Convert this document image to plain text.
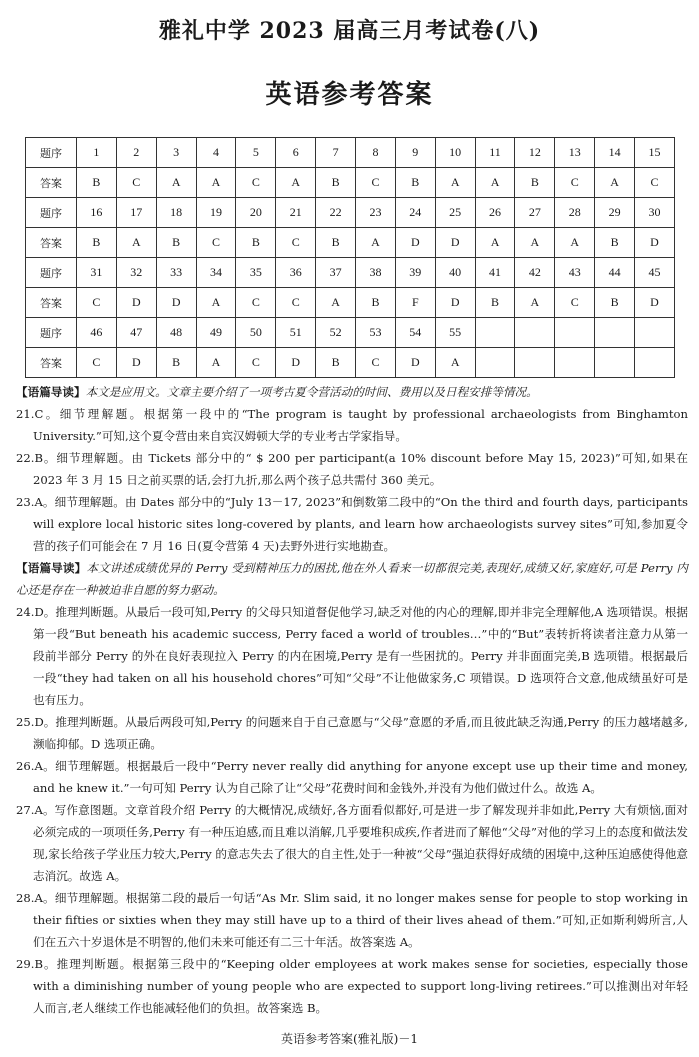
雅礼中学 2023 届高三月考试卷(八)
英语参考答案
题序	1	2	3	4	5	6	7	8	9	10	11	12	13	14	15
答案	B	C	A	A	C	A	B	C	B	A	A	B	C	A	C
题序	16	17	18	19	20	21	22	23	24	25	26	27	28	29	30
答案	B	A	B	C	B	C	B	A	D	D	A	A	A	B	D
题序	31	32	33	34	35	36	37	38	39	40	41	42	43	44	45
答案	C	D	D	A	C	C	A	B	F	D	B	A	C	B	D
题序	46	47	48	49	50	51	52	53	54	55					
答案	C	D	B	A	C	D	B	C	D	A					

【语篇导读】本文是应用文。文章主要介绍了一项考古夏令营活动的时间、费用以及日程安排等情况。

21.C。细节理解题。根据第一段中的“The program is taught by professional archaeologists from Binghamton University.”可知,这个夏令营由来自宾汉姆顿大学的专业考古学家指导。

22.B。细节理解题。由 Tickets 部分中的“ $ 200 per participant(a 10% discount before May 15, 2023)”可知,如果在 2023 年 3 月 15 日之前买票的话,会打九折,那么两个孩子总共需付 360 美元。

23.A。细节理解题。由 Dates 部分中的“July 13－17, 2023”和倒数第二段中的“On the third and fourth days, participants will explore local historic sites long-covered by plants, and learn how archaeologists survey sites”可知,参加夏令营的孩子们可能会在 7 月 16 日(夏令营第 4 天)去野外进行实地勘查。

【语篇导读】本文讲述成绩优异的 Perry 受到精神压力的困扰,他在外人看来一切都很完美,表现好,成绩又好,家庭好,可是 Perry 内心还是存在一种被迫非自愿的努力驱动。

24.D。推理判断题。从最后一段可知,Perry 的父母只知道督促他学习,缺乏对他的内心的理解,即并非完全理解他,A 选项错误。根据第一段“But beneath his academic success, Perry faced a world of troubles…”中的“But”表转折将读者注意力从第一段前半部分 Perry 的外在良好表现拉入 Perry 的内在困境,Perry 是有一些困扰的。Perry 并非面面完美,B 选项错。根据最后一段“they had taken on all his household chores”可知“父母”不让他做家务,C 项错误。D 选项符合文意,他成绩虽好可是也有压力。

25.D。推理判断题。从最后两段可知,Perry 的问题来自于自己意愿与“父母”意愿的矛盾,而且彼此缺乏沟通,Perry 的压力越堵越多,濒临抑郁。D 选项正确。

26.A。细节理解题。根据最后一段中“Perry never really did anything for anyone except use up their time and money, and he knew it.”一句可知 Perry 认为自己除了让“父母”花费时间和金钱外,并没有为他们做过什么。故选 A。

27.A。写作意图题。文章首段介绍 Perry 的大概情况,成绩好,各方面看似都好,可是进一步了解发现并非如此,Perry 大有烦恼,面对必须完成的一项项任务,Perry 有一种压迫感,而且难以消解,几乎要堆积成疾,作者进而了解他“父母”对他的学习上的态度和做法发现,家长给孩子学业压力较大,Perry 的意志失去了很大的自主性,处于一种被“父母”强迫获得好成绩的困境中,这种压迫感使得他意志消沉。故选 A。

28.A。细节理解题。根据第二段的最后一句话“As Mr. Slim said, it no longer makes sense for people to stop working in their fifties or sixties when they may still have up to a third of their lives ahead of them.”可知,正如斯利姆所言,人们在五六十岁退休是不明智的,他们未来可能还有二三十年活。故答案选 A。

29.B。推理判断题。根据第三段中的“Keeping older employees at work makes sense for societies, especially those with a diminishing number of young people who are expected to support long-living retirees.”可以推测出对年轻人而言,老人继续工作也能减轻他们的负担。故答案选 B。

英语参考答案(雅礼版)－1
